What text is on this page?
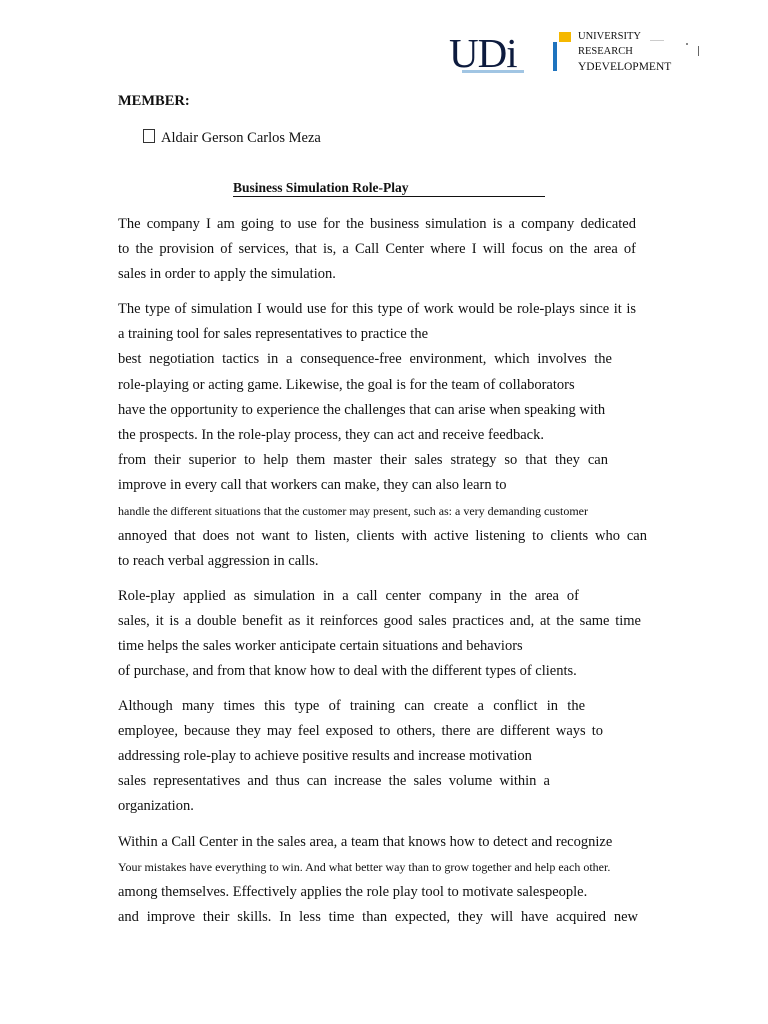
UDi	UNIVERSITY
RESEARCH
YDEVELOPMENT
MEMBER:
Aldair Gerson Carlos Meza
Business Simulation Role-Play
The company I am going to use for the business simulation is a company dedicated
to the provision of services, that is, a Call Center where I will focus on the area of
sales in order to apply the simulation.
The type of simulation I would use for this type of work would be role-plays since it is
a training tool for sales representatives to practice the
best negotiation tactics in a consequence-free environment, which involves the
role-playing or acting game. Likewise, the goal is for the team of collaborators
have the opportunity to experience the challenges that can arise when speaking with
the prospects. In the role-play process, they can act and receive feedback.
from their superior to help them master their sales strategy so that they can
improve in every call that workers can make, they can also learn to
handle the different situations that the customer may present, such as: a very demanding customer
annoyed that does not want to listen, clients with active listening to clients who can
to reach verbal aggression in calls.
Role-play applied as simulation in a call center company in the area of
sales, it is a double benefit as it reinforces good sales practices and, at the same time
time helps the sales worker anticipate certain situations and behaviors
of purchase, and from that know how to deal with the different types of clients.
Although many times this type of training can create a conflict in the
employee, because they may feel exposed to others, there are different ways to
addressing role-play to achieve positive results and increase motivation
sales representatives and thus can increase the sales volume within a
organization.
Within a Call Center in the sales area, a team that knows how to detect and recognize
Your mistakes have everything to win. And what better way than to grow together and help each other.
among themselves. Effectively applies the role play tool to motivate salespeople.
and improve their skills. In less time than expected, they will have acquired new
